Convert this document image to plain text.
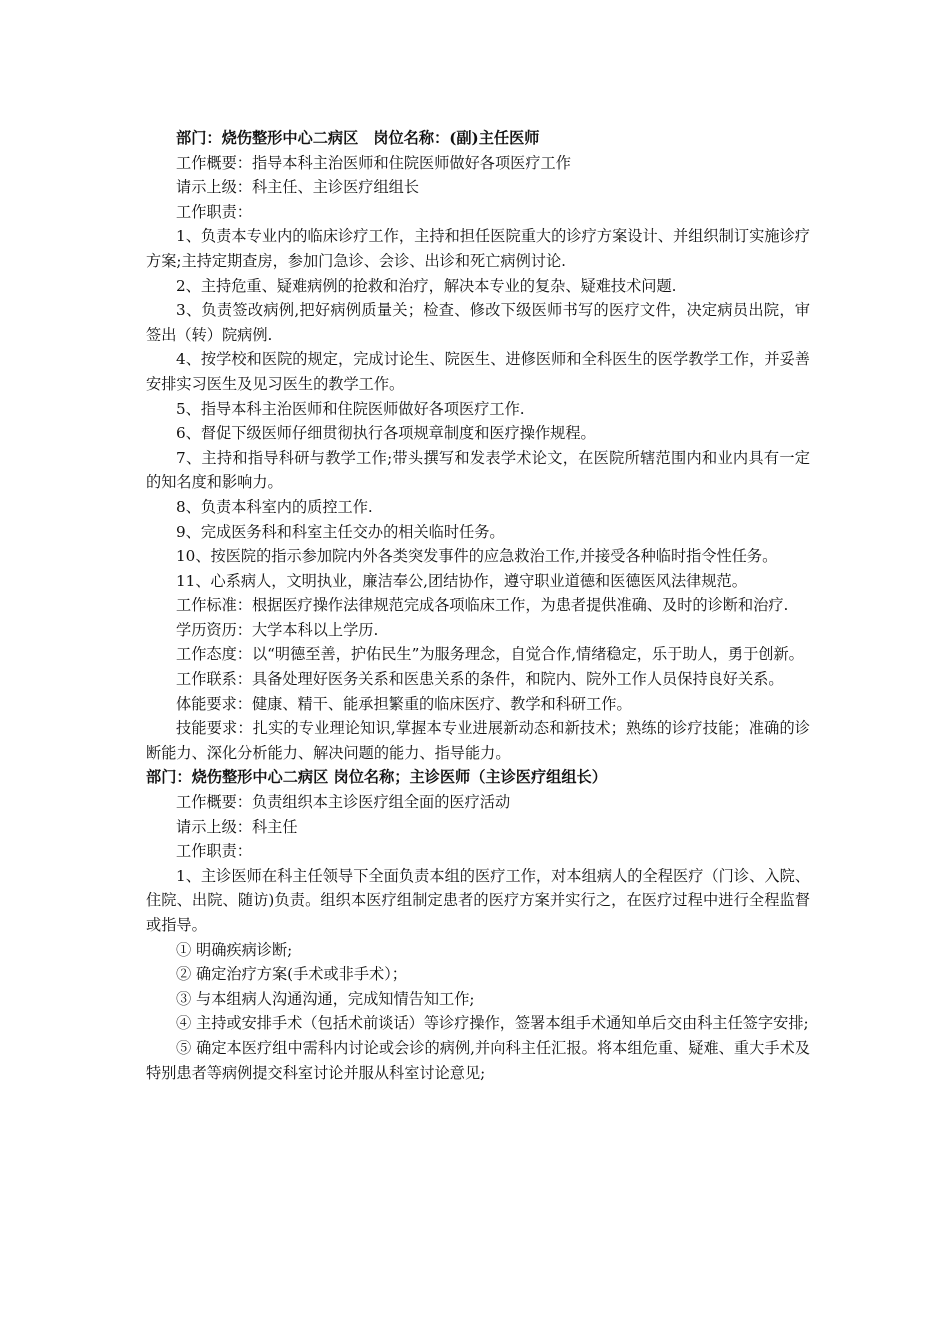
部门：烧伤整形中心二病区 岗位名称：(副)主任医师

工作概要：指导本科主治医师和住院医师做好各项医疗工作

请示上级：科主任、主诊医疗组组长

工作职责：

1、负责本专业内的临床诊疗工作，主持和担任医院重大的诊疗方案设计、并组织制订实施诊疗方案;主持定期查房，参加门急诊、会诊、出诊和死亡病例讨论.

2、主持危重、疑难病例的抢救和治疗，解决本专业的复杂、疑难技术问题.

3、负责签改病例,把好病例质量关；检查、修改下级医师书写的医疗文件，决定病员出院，审签出（转）院病例.

4、按学校和医院的规定，完成讨论生、院医生、进修医师和全科医生的医学教学工作，并妥善安排实习医生及见习医生的教学工作。

5、指导本科主治医师和住院医师做好各项医疗工作.

6、督促下级医师仔细贯彻执行各项规章制度和医疗操作规程。

7、主持和指导科研与教学工作;带头撰写和发表学术论文，在医院所辖范围内和业内具有一定的知名度和影响力。

8、负责本科室内的质控工作.

9、完成医务科和科室主任交办的相关临时任务。

10、按医院的指示参加院内外各类突发事件的应急救治工作,并接受各种临时指令性任务。

11、心系病人，文明执业，廉洁奉公,团结协作，遵守职业道德和医德医风法律规范。

工作标准：根据医疗操作法律规范完成各项临床工作，为患者提供准确、及时的诊断和治疗.

学历资历：大学本科以上学历.

工作态度：以“明德至善，护佑民生”为服务理念，自觉合作,情绪稳定，乐于助人，勇于创新。

工作联系：具备处理好医务关系和医患关系的条件，和院内、院外工作人员保持良好关系。

体能要求：健康、精干、能承担繁重的临床医疗、教学和科研工作。

技能要求：扎实的专业理论知识,掌握本专业进展新动态和新技术；熟练的诊疗技能；准确的诊断能力、深化分析能力、解决问题的能力、指导能力。

部门：烧伤整形中心二病区 岗位名称；主诊医师（主诊医疗组组长）

工作概要：负责组织本主诊医疗组全面的医疗活动

请示上级：科主任

工作职责：

1、主诊医师在科主任领导下全面负责本组的医疗工作，对本组病人的全程医疗（门诊、入院、住院、出院、随访)负责。组织本医疗组制定患者的医疗方案并实行之，在医疗过程中进行全程监督或指导。

① 明确疾病诊断;

② 确定治疗方案(手术或非手术）；

③ 与本组病人沟通沟通，完成知情告知工作;

④ 主持或安排手术（包括术前谈话）等诊疗操作，签署本组手术通知单后交由科主任签字安排;

⑤ 确定本医疗组中需科内讨论或会诊的病例,并向科主任汇报。将本组危重、疑难、重大手术及特别患者等病例提交科室讨论并服从科室讨论意见;
